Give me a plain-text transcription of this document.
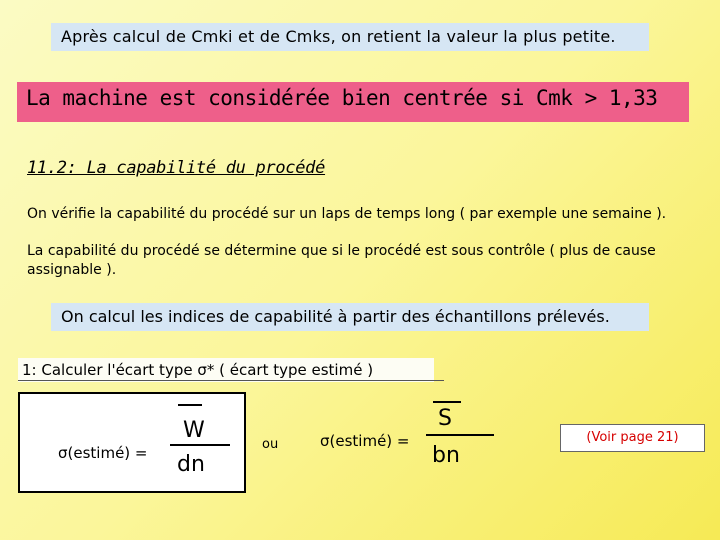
Après calcul de Cmki et de Cmks, on retient la valeur la plus petite.
La machine est considérée bien centrée si Cmk > 1,33
11.2: La capabilité du procédé
On vérifie la capabilité du procédé sur un laps de temps long ( par exemple une semaine ).
La capabilité du procédé se détermine que si le procédé est sous contrôle ( plus de cause assignable ).
On calcul les indices de capabilité à partir des échantillons prélevés.
1: Calculer l'écart type σ* ( écart type estimé )
σ(estimé) =
W
dn
ou	σ(estimé) =
S
bn
(Voir page 21)
